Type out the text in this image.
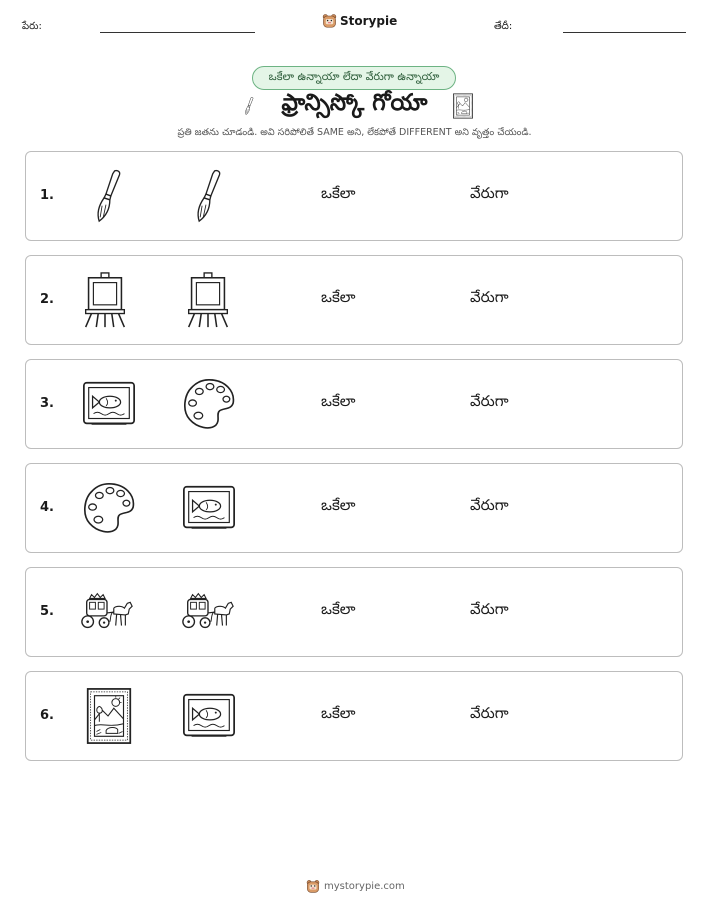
పేరు:	Storypie	తేదీ:
ఒకేలా ఉన్నాయా లేదా వేరుగా ఉన్నాయా
ఫ్రాన్సిస్కో గోయా
ప్రతి జతను చూడండి. అవి సరిపోలితే SAME అని, లేకపోతే DIFFERENT అని వృత్తం చేయండి.
1.	ఒకేలా	వేరుగా
2.	ఒకేలా	వేరుగా
3.	ఒకేలా	వేరుగా
4.	ఒకేలా	వేరుగా
5.	ఒకేలా	వేరుగా
6.	ఒకేలా	వేరుగా
mystorypie.com
